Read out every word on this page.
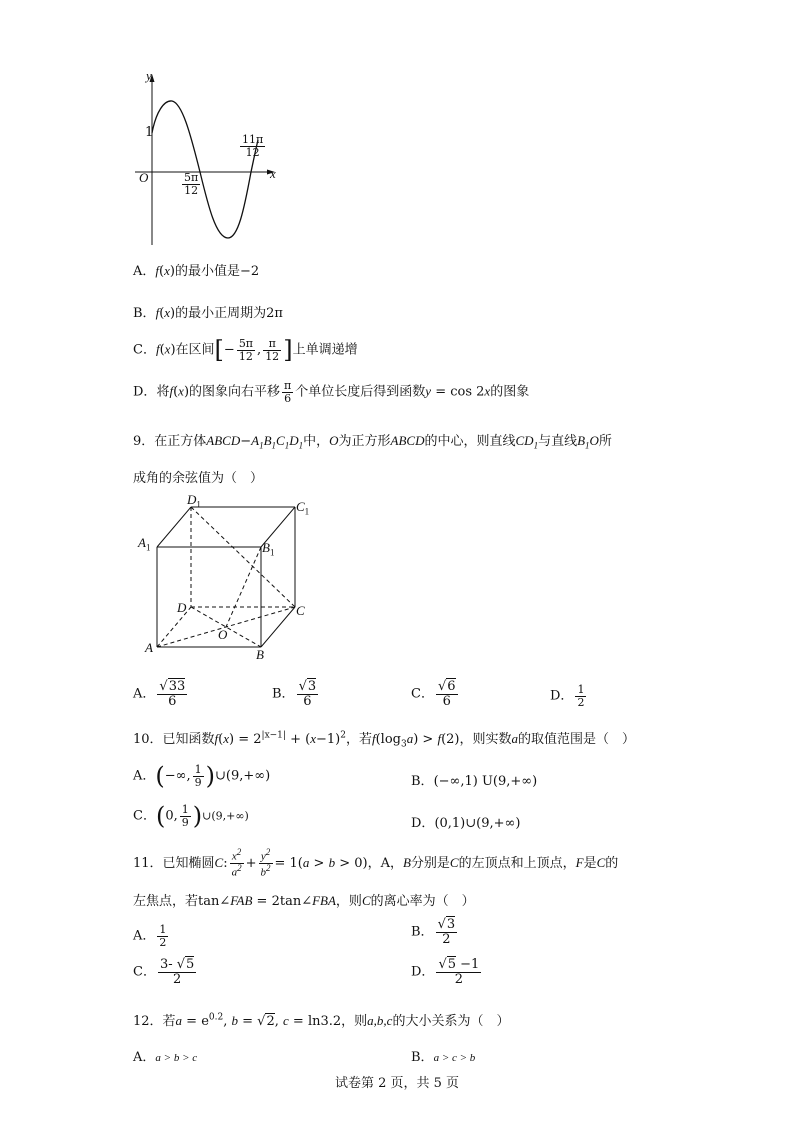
y
x
O
1
$\frac{5\pi}{12}$
$\frac{11\pi}{12}$
A．f(x)的最小值是−2
B．f(x)的最小正周期为2π
C．f(x)在区间[− $\frac{5\pi}{12}$ , $\frac{\pi}{12}$ ]上单调递增
D．将f(x)的图象向右平移 $\frac{\pi}{6}$ 个单位长度后得到函数y = cos 2x的图象
9．在正方体$ABCD-A_1B_1C_1D_1$中，O为正方形ABCD的中心，则直线$CD_1$与直线$B_1O$所
成角的余弦值为（　）
$D_1$	$C_1$
$A_1$	$B_1$
D	C
O
A	B
A． $\frac{√33}{6}$	B． $\frac{√3}{6}$	C． $\frac{√6}{6}$	D． $\frac{1}{2}$
10．已知函数$f(x) = 2^{|x-1|} + (x-1)^2$，若$f(\log_3a) > f(2)$，则实数a的取值范围是（　）
A．(−∞, $\frac{1}{9}$ )∪(9,+∞)	B．(−∞,1) U(9,+∞)
C．(0, $\frac{1}{9}$ )∪(9,+∞)	D．(0,1)∪(9,+∞)
11．已知椭圆C: $\frac{x^2}{a^2} + \frac{y^2}{b^2} = 1(a > b > 0)$，A，B分别是C的左顶点和上顶点，F是C的
左焦点，若tan∠FAB = 2tan∠FBA，则C的离心率为（　）
A． $\frac{1}{2}$	B． $\frac{√3}{2}$
C． $\frac{3- √5}{2}$	D． $\frac{√5 -1}{2}$
12．若$a = e^{0.2}$, b = √2, c = ln3.2，则a,b,c的大小关系为（　）
A．a > b > c	B．a > c > b
试卷第 2 页，共 5 页
